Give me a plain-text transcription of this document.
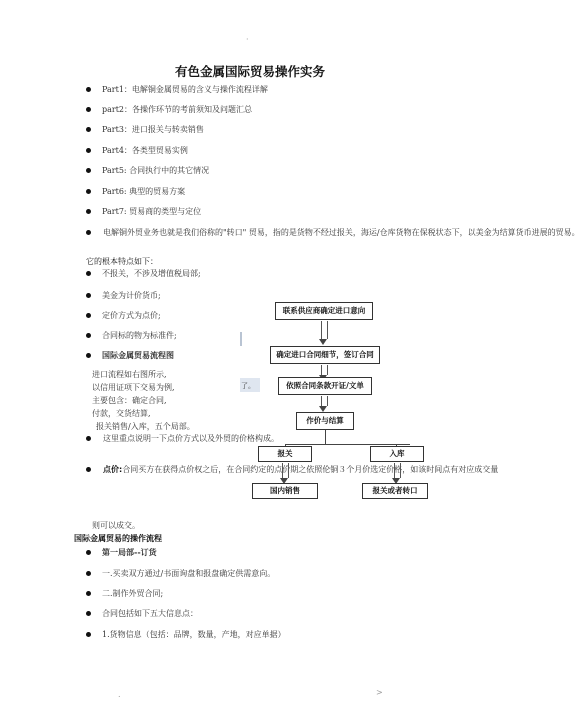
·
有色金属国际贸易操作实务
Part1：电解铜金属贸易的含义与操作流程详解
part2：各操作环节的考前须知及问题汇总
Part3：进口报关与转卖销售
Part4：各类型贸易实例
Part5: 合同执行中的其它情况
Part6: 典型的贸易方案
Part7: 贸易商的类型与定位
电解铜外贸业务也就是我们俗称的"转口" 贸易，指的是货物不经过报关，海运/仓库货物在保税状态下，以美金为结算货币进展的贸易。
它的根本特点如下：
不报关，不涉及增值税局部;
美金为计价货币;
定价方式为点价;
合同标的物为标准件;
国际金属贸易流程图
进口流程如右图所示,
以信用证项下交易为例,
主要包含：确定合同,
付款，交货结算,
报关销售/入库，五个局部。
了。
这里重点说明一下点价方式以及外贸的价格构成。
点价:合同买方在获得点价权之后，在合同约定的点价期之依照伦铜３个月价选定价格，如该时间点有对应成交量
则可以成交。
国际金属贸易的操作流程
第一局部--订货
一.买卖双方通过/书面询盘和报盘确定供需意向。
二.制作外贸合同;
合同包括如下五大信息点：
1.货物信息（包括：品牌，数量，产地，对应单据）
联系供应商确定进口意向
确定进口合同细节，签订合同
依照合同条款开证/文单
作价与结算
报关	入库
国内销售	报关或者转口
.	>
